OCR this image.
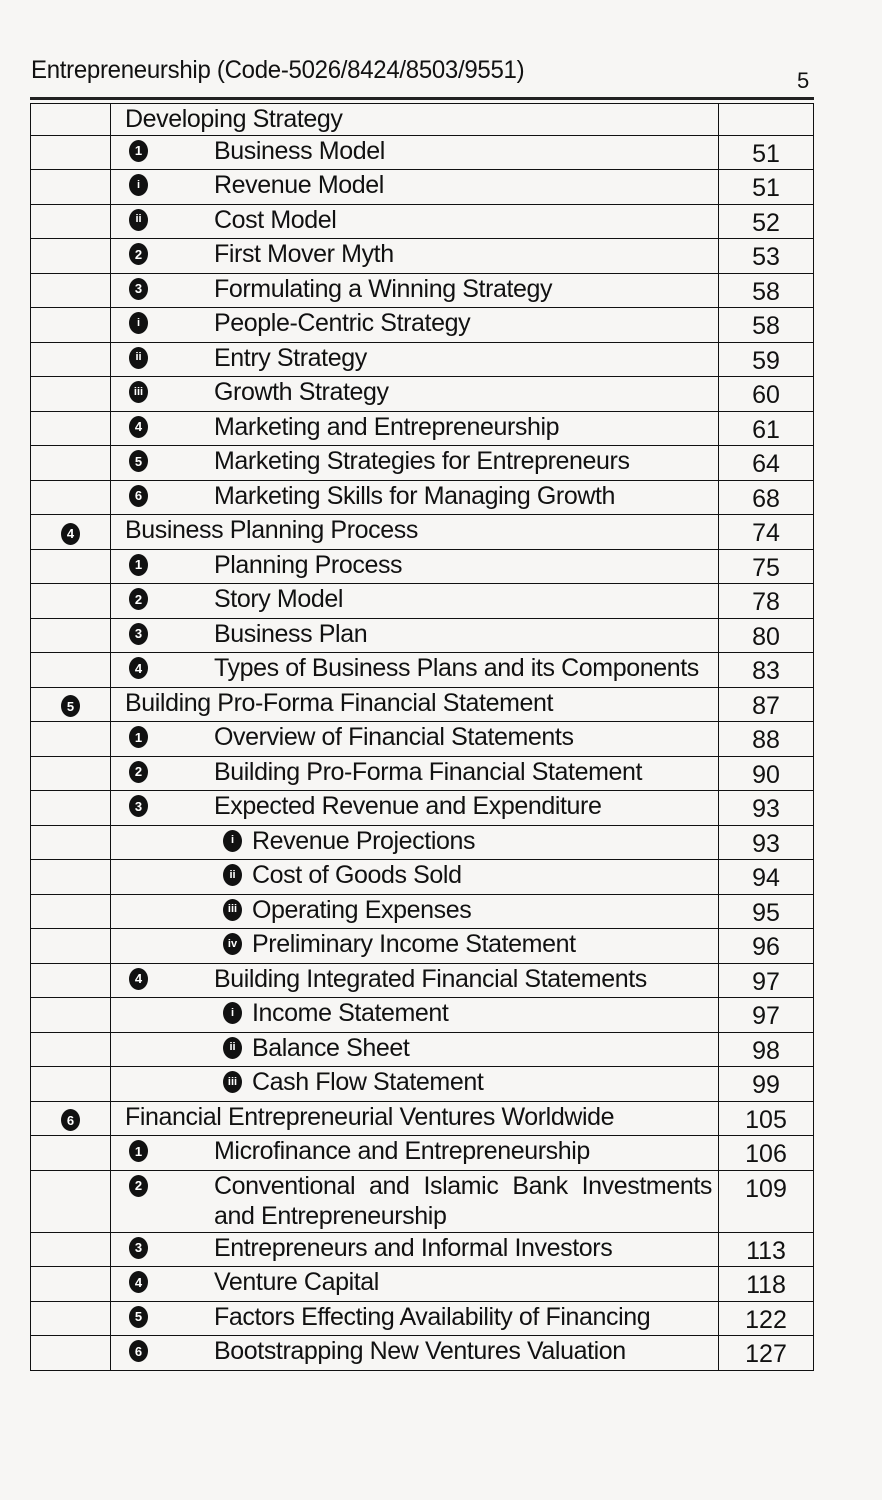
Entrepreneurship (Code-5026/8424/8503/9551)	5

	Developing Strategy	

1 Business Model	51

i Revenue Model	51

ii Cost Model	52

2 First Mover Myth	53

3 Formulating a Winning Strategy	58

i People-Centric Strategy	58

ii Entry Strategy	59

iii Growth Strategy	60

4 Marketing and Entrepreneurship	61

5 Marketing Strategies for Entrepreneurs	64

6 Marketing Skills for Managing Growth	68
4	Business Planning Process	74

1 Planning Process	75

2 Story Model	78

3 Business Plan	80

4 Types of Business Plans and its Components	83
5	Building Pro-Forma Financial Statement	87

1 Overview of Financial Statements	88

2 Building Pro-Forma Financial Statement	90

3 Expected Revenue and Expenditure	93

i Revenue Projections	93

ii Cost of Goods Sold	94

iii Operating Expenses	95

iv Preliminary Income Statement	96

4 Building Integrated Financial Statements	97

i Income Statement	97

ii Balance Sheet	98

iii Cash Flow Statement	99
6	Financial Entrepreneurial Ventures Worldwide	105

1 Microfinance and Entrepreneurship	106

2 Conventional and Islamic Bank Investments and Entrepreneurship	109

3 Entrepreneurs and Informal Investors	113

4 Venture Capital	118

5 Factors Effecting Availability of Financing	122

6 Bootstrapping New Ventures Valuation	127
